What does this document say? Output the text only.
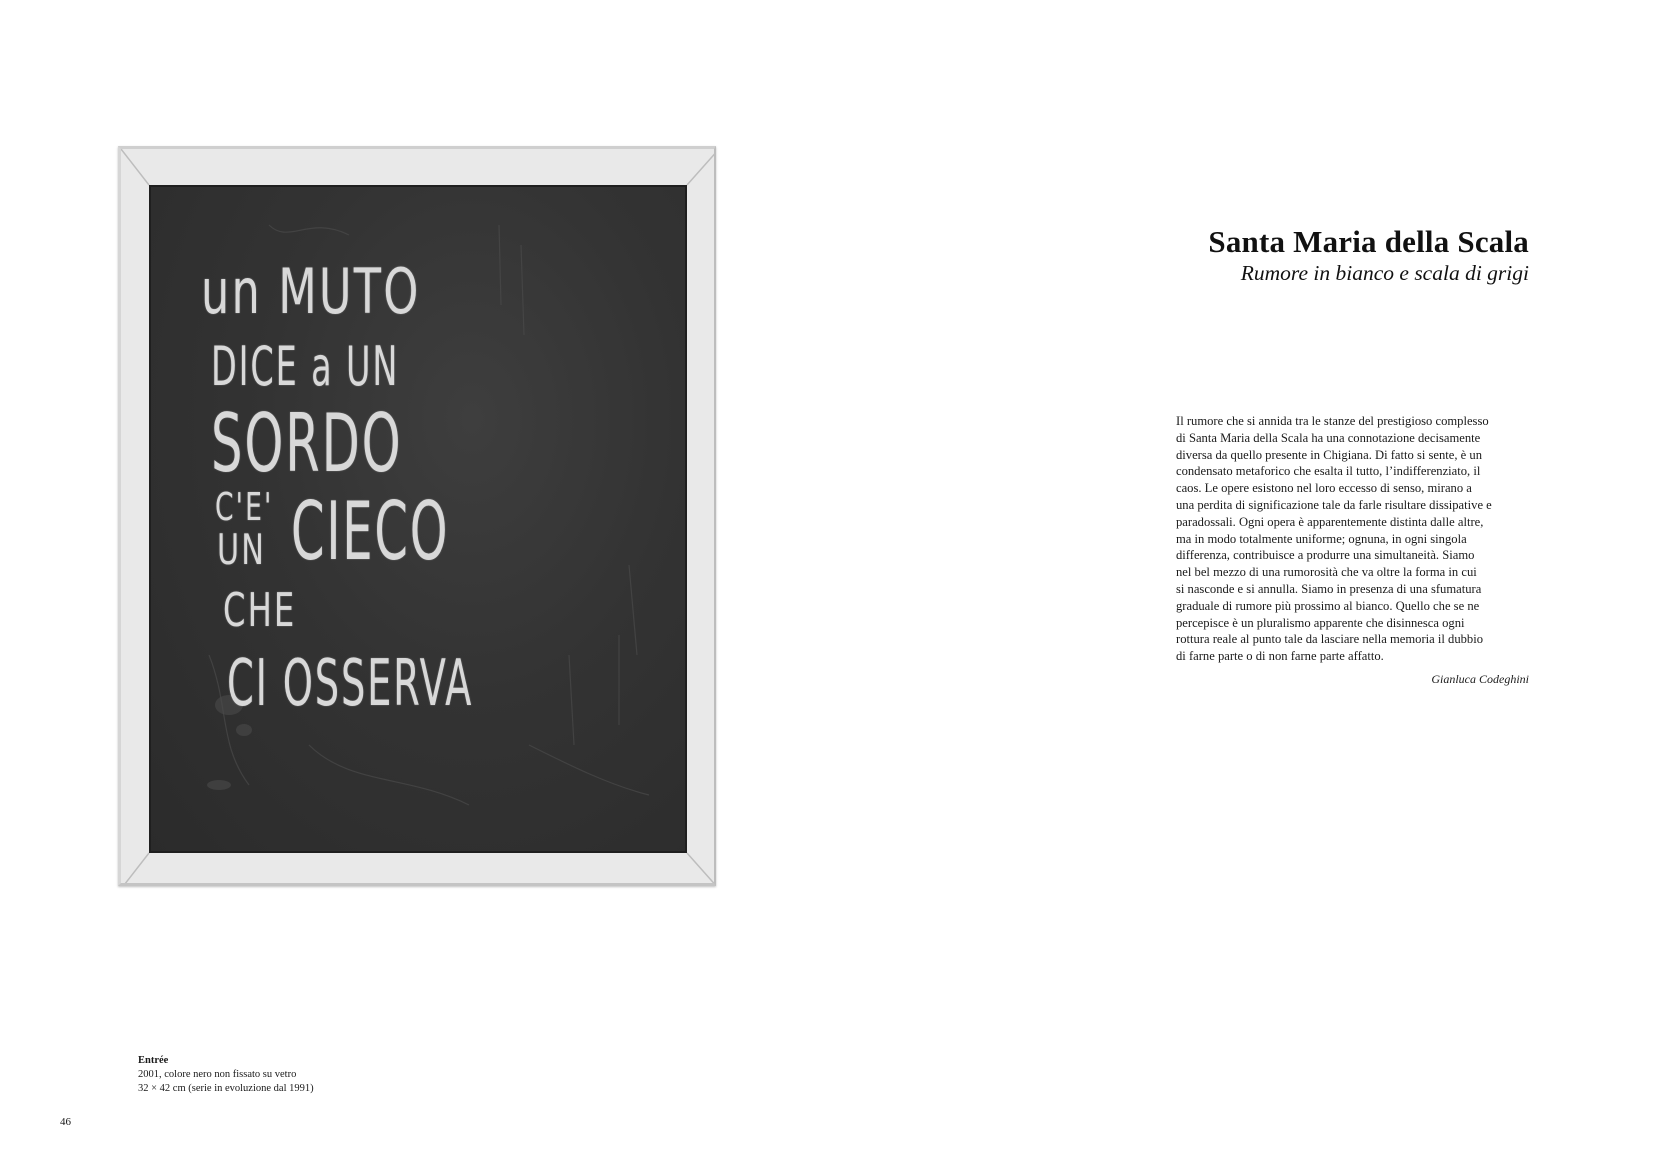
un MUTO
DICE a UN
SORDO
C'E' CIECO
UN
CHE
CI OSSERVA
Entrée
2001, colore nero non fissato su vetro
32 × 42 cm (serie in evoluzione dal 1991)
46
Santa Maria della Scala
Rumore in bianco e scala di grigi

Il rumore che si annida tra le stanze del prestigioso complesso

di Santa Maria della Scala ha una connotazione decisamente

diversa da quello presente in Chigiana. Di fatto si sente, è un

condensato metaforico che esalta il tutto, l’indifferenziato, il

caos. Le opere esistono nel loro eccesso di senso, mirano a

una perdita di significazione tale da farle risultare dissipative e

paradossali. Ogni opera è apparentemente distinta dalle altre,

ma in modo totalmente uniforme; ognuna, in ogni singola

differenza, contribuisce a produrre una simultaneità. Siamo

nel bel mezzo di una rumorosità che va oltre la forma in cui

si nasconde e si annulla. Siamo in presenza di una sfumatura

graduale di rumore più prossimo al bianco. Quello che se ne

percepisce è un pluralismo apparente che disinnesca ogni

rottura reale al punto tale da lasciare nella memoria il dubbio

di farne parte o di non farne parte affatto.

Gianluca Codeghini
